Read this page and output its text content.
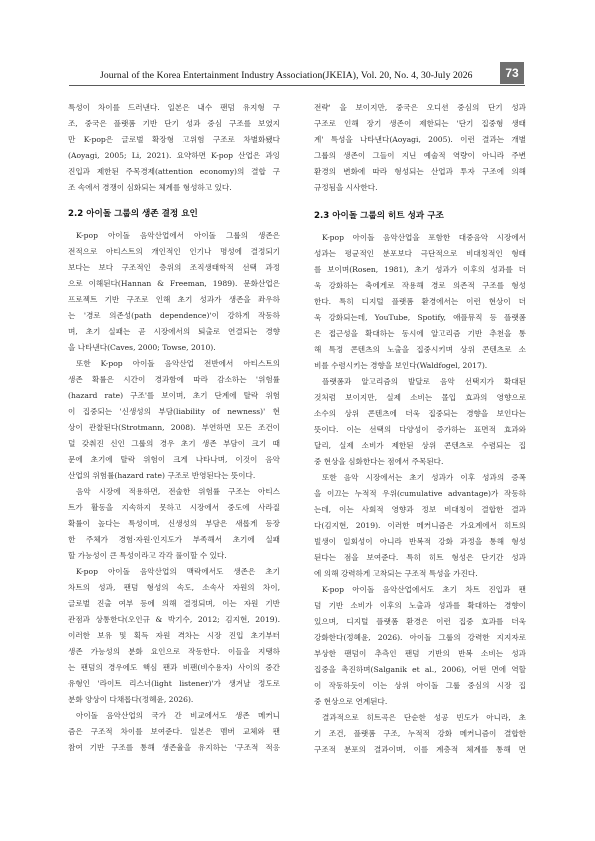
Journal of the Korea Entertainment Industry Association(JKEIA), Vol. 20, No. 4, 30-July 2026	73
특성이 차이를 드러낸다. 일본은 내수 팬덤 유지형 구
조, 중국은 플랫폼 기반 단기 성과 중심 구조를 보였지
만 K-pop은 글로벌 확장형 고위험 구조로 차별화됐다
(Aoyagi, 2005; Li, 2021). 요약하면 K-pop 산업은 과잉
진입과 제한된 주목경제(attention economy)의 결합 구
조 속에서 경쟁이 심화되는 체계를 형성하고 있다.
2.2 아이돌 그룹의 생존 결정 요인
K-pop 아이돌 음악산업에서 아이돌 그룹의 생존은
전적으로 아티스트의 개인적인 인기나 명성에 결정되기
보다는 보다 구조적인 층위의 조직생태학적 선택 과정
으로 이해된다(Hannan & Freeman, 1989). 문화산업은
프로젝트 기반 구조로 인해 초기 성과가 생존을 좌우하
는 '경로 의존성(path dependence)'이 강하게 작동하
며, 초기 실패는 곧 시장에서의 퇴출로 연결되는 경향
을 나타낸다(Caves, 2000; Towse, 2010).
또한 K-pop 아이돌 음악산업 전반에서 아티스트의
생존 확률은 시간이 경과함에 따라 감소하는 '위험률
(hazard rate) 구조'를 보이며, 초기 단계에 탈락 위험
이 집중되는 '신생성의 부담(liability of newness)' 현
상이 관찰된다(Strotmann, 2008). 부연하면 모든 조건이
덜 갖춰진 신인 그룹의 경우 초기 생존 부담이 크기 때
문에 초기에 탈락 위험이 크게 나타나며, 이것이 음악
산업의 위험률(hazard rate) 구조로 반영된다는 뜻이다.
음악 시장에 적용하면, 전술한 위험률 구조는 아티스
트가 활동을 지속하지 못하고 시장에서 중도에 사라질
확률이 높다는 특성이며, 신생성의 부담은 새롭게 등장
한 주체가 경험·자원·인지도가 부족해서 초기에 실패
할 가능성이 큰 특성이라고 각각 풀이할 수 있다.
K-pop 아이돌 음악산업의 맥락에서도 생존은 초기
차트의 성과, 팬덤 형성의 속도, 소속사 자원의 차이,
글로벌 진출 여부 등에 의해 결정되며, 이는 자원 기반
관점과 상통한다(오인규 & 박기수, 2012; 김지현, 2019).
이러한 보유 및 획득 자원 격차는 시장 진입 초기부터
생존 가능성의 분화 요인으로 작동한다. 이들을 지탱하
는 팬덤의 경우에도 핵심 팬과 비팬(비수용자) 사이의 중간
유형인 '라이트 리스너(light listener)'가 생겨날 정도로
분화 양상이 다채롭다(정혜윤, 2026).
아이돌 음악산업의 국가 간 비교에서도 생존 메커니
즘은 구조적 차이를 보여준다. 일본은 멤버 교체와 팬
참여 기반 구조를 통해 생존율을 유지하는 '구조적 적응
전략' 을 보이지만, 중국은 오디션 중심의 단기 성과
구조로 인해 장기 생존이 제한되는 '단기 집중형 생태
계' 특성을 나타낸다(Aoyagi, 2005). 이런 결과는 개별
그룹의 생존이 그들이 지닌 예술적 역량이 아니라 주변
환경의 변화에 따라 형성되는 산업과 투자 구조에 의해
규정됨을 시사한다.
2.3 아이돌 그룹의 히트 성과 구조
K-pop 아이돌 음악산업을 포함한 대중음악 시장에서
성과는 평균적인 분포보다 극단적으로 비대칭적인 형태
를 보이며(Rosen, 1981), 초기 성과가 이후의 성과를 더
욱 강화하는 축에게로 작용해 경로 의존적 구조를 형성
한다. 특히 디지털 플랫폼 환경에서는 이런 현상이 더
욱 강화되는데, YouTube, Spotify, 애플뮤직 등 플랫폼
은 접근성을 확대하는 동시에 알고리즘 기반 추천을 통
해 특정 콘텐츠의 노출을 집중시키며 상위 콘텐츠로 소
비를 수렴시키는 경향을 보인다(Waldfogel, 2017).
플랫폼과 알고리즘의 발달로 음악 선택지가 확대된
것처럼 보이지만, 실제 소비는 몰입 효과의 영향으로
소수의 상위 콘텐츠에 더욱 집중되는 경향을 보인다는
뜻이다. 이는 선택의 다양성이 증가하는 표면적 효과와
달리, 실제 소비가 제한된 상위 콘텐츠로 수렴되는 집
중 현상을 심화한다는 점에서 주목된다.
또한 음악 시장에서는 초기 성과가 이후 성과의 증폭
을 이끄는 누적적 우위(cumulative advantage)가 작동하
는데, 이는 사회적 영향과 정보 비대칭이 결합한 결과
다(김지현, 2019). 이러한 메커니즘은 가요계에서 히트의
빌생이 일회성이 아니라 반복적 강화 과정을 통해 형성
된다는 점을 보여준다. 특히 히트 형성은 단기간 성과
에 의해 강력하게 고착되는 구조적 특성을 가진다.
K-pop 아이돌 음악산업에서도 초기 차트 진입과 팬
덤 기반 소비가 이후의 노출과 성과를 확대하는 경향이
있으며, 디지털 플랫폼 환경은 이런 집중 효과를 더욱
강화한다(정혜윤, 2026). 아이돌 그룹의 강력한 지지자로
부상한 팬덤이 추측인 팬덤 기반의 반복 소비는 성과
집중을 촉진하며(Salganik et al., 2006), 어떤 면에 역할
이 작동하듯이 이는 상위 아이돌 그룹 중심의 시장 집
중 현상으로 연계된다.
결과적으로 히트곡은 단순한 성공 빈도가 아니라, 초
기 조건, 플랫폼 구조, 누적적 강화 메커니즘이 결합한
구조적 분포의 결과이며, 이를 계층적 체계를 통해 면
